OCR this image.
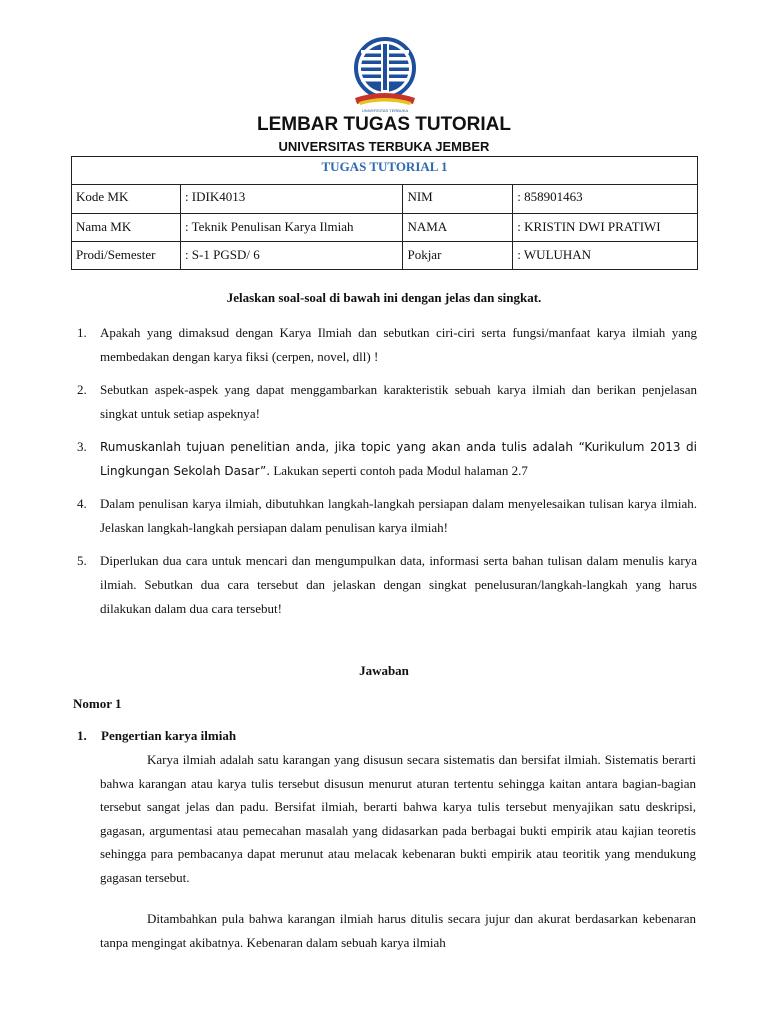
UNIVERSITAS TERBUKA
LEMBAR TUGAS TUTORIAL
UNIVERSITAS TERBUKA JEMBER
TUGAS TUTORIAL 1			
Kode MK	: IDIK4013	NIM	: 858901463
Nama MK	: Teknik Penulisan Karya Ilmiah	NAMA	: KRISTIN DWI PRATIWI
Prodi/Semester	: S-1 PGSD/ 6	Pokjar	: WULUHAN
Jelaskan soal-soal di bawah ini dengan jelas dan singkat.
1. Apakah yang dimaksud dengan Karya Ilmiah dan sebutkan ciri-ciri serta fungsi/manfaat karya ilmiah yang membedakan dengan karya fiksi (cerpen, novel, dll) !
2. Sebutkan aspek-aspek yang dapat menggambarkan karakteristik sebuah karya ilmiah dan berikan penjelasan singkat untuk setiap aspeknya!
3. Rumuskanlah tujuan penelitian anda, jika topic yang akan anda tulis adalah “Kurikulum 2013 di Lingkungan Sekolah Dasar”. Lakukan seperti contoh pada Modul halaman 2.7
4. Dalam penulisan karya ilmiah, dibutuhkan langkah-langkah persiapan dalam menyelesaikan tulisan karya ilmiah. Jelaskan langkah-langkah persiapan dalam penulisan karya ilmiah!
5. Diperlukan dua cara untuk mencari dan mengumpulkan data, informasi serta bahan tulisan dalam menulis karya ilmiah. Sebutkan dua cara tersebut dan jelaskan dengan singkat penelusuran/langkah-langkah yang harus dilakukan dalam dua cara tersebut!
Jawaban
Nomor 1
1. Pengertian karya ilmiah
Karya ilmiah adalah satu karangan yang disusun secara sistematis dan bersifat ilmiah. Sistematis berarti bahwa karangan atau karya tulis tersebut disusun menurut aturan tertentu sehingga kaitan antara bagian-bagian tersebut sangat jelas dan padu. Bersifat ilmiah, berarti bahwa karya tulis tersebut menyajikan satu deskripsi, gagasan, argumentasi atau pemecahan masalah yang didasarkan pada berbagai bukti empirik atau kajian teoretis sehingga para pembacanya dapat merunut atau melacak kebenaran bukti empirik atau teoritik yang mendukung gagasan tersebut.
Ditambahkan pula bahwa karangan ilmiah harus ditulis secara jujur dan akurat berdasarkan kebenaran tanpa mengingat akibatnya. Kebenaran dalam sebuah karya ilmiah
